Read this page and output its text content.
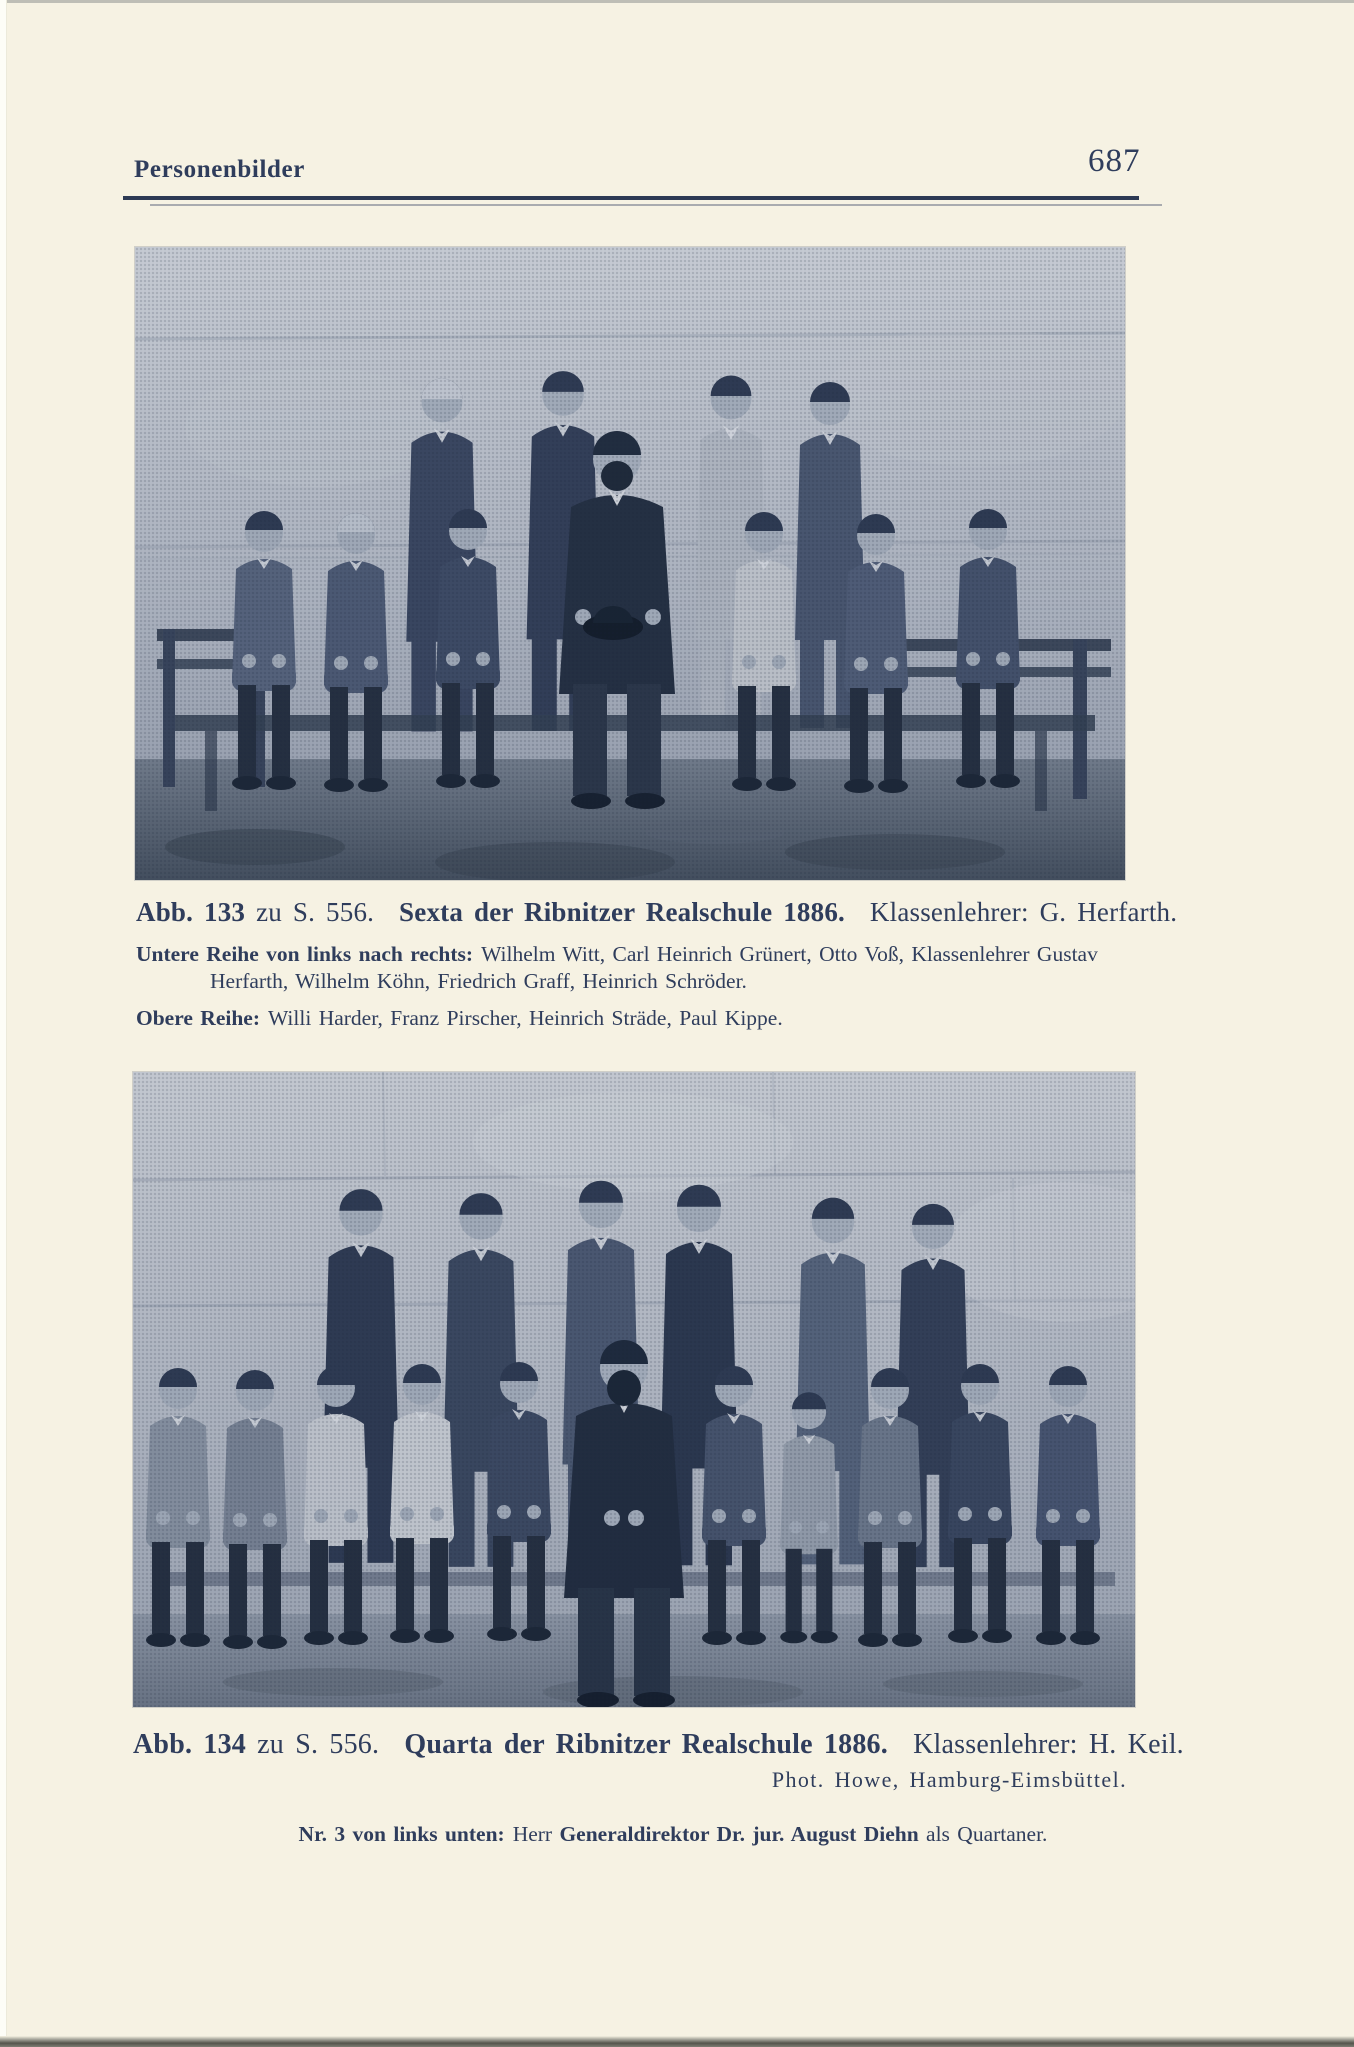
Personenbilder	687

Abb. 133 zu S. 556. Sexta der Ribnitzer Realschule 1886. Klassenlehrer: G. Herfarth.

Untere Reihe von links nach rechts: Wilhelm Witt, Carl Heinrich Grünert, Otto Voß, Klassenlehrer Gustav Herfarth, Wilhelm Köhn, Friedrich Graff, Heinrich Schröder.

Obere Reihe: Willi Harder, Franz Pirscher, Heinrich Sträde, Paul Kippe.

Abb. 134 zu S. 556. Quarta der Ribnitzer Realschule 1886. Klassenlehrer: H. Keil.

Phot. Howe, Hamburg-Eimsbüttel.

Nr. 3 von links unten: Herr Generaldirektor Dr. jur. August Diehn als Quartaner.
